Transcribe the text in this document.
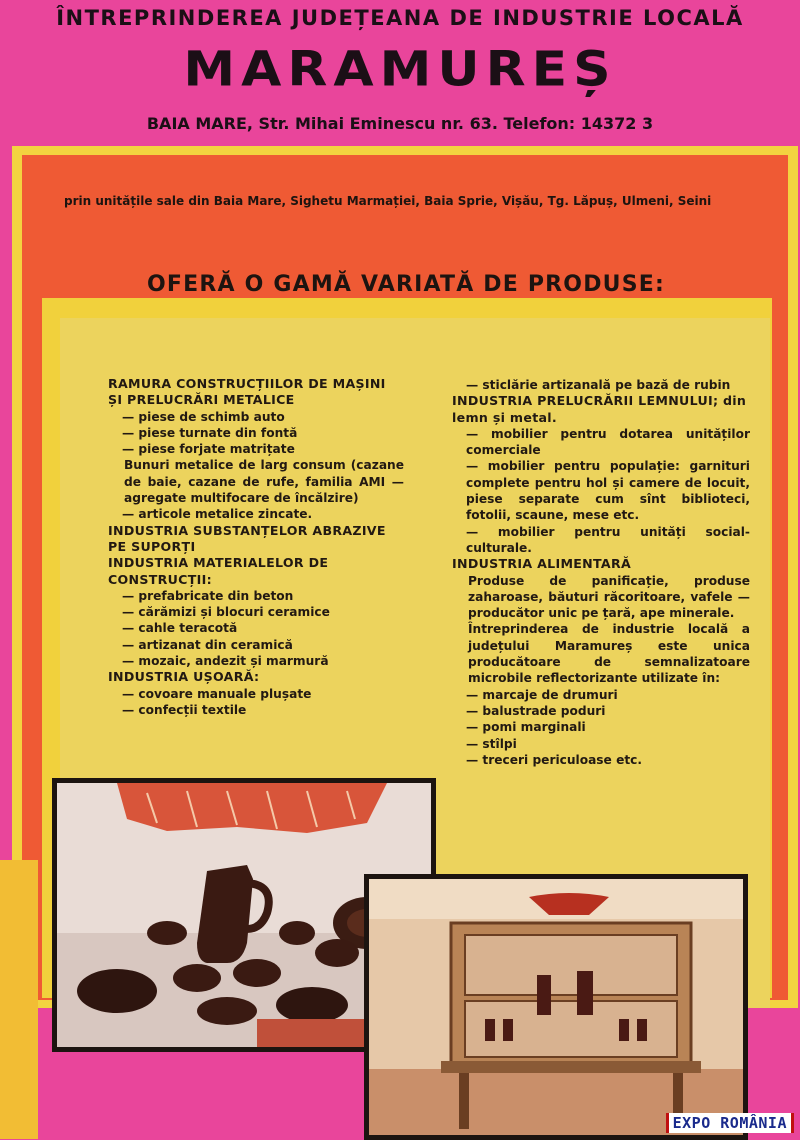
ÎNTREPRINDEREA JUDEȚEANA DE INDUSTRIE LOCALĂ
MARAMUREȘ
BAIA MARE, Str. Mihai Eminescu nr. 63. Telefon: 14372 3
prin unitățile sale din Baia Mare, Sighetu Marmației, Baia Sprie, Vișău, Tg. Lăpuș, Ulmeni, Seini
OFERĂ O GAMĂ VARIATĂ DE PRODUSE:

RAMURA CONSTRUCȚIILOR DE MAȘINI ȘI PRELUCRĂRI METALICE

— piese de schimb auto

— piese turnate din fontă

— piese forjate matrițate

Bunuri metalice de larg consum (cazane de baie, cazane de rufe, familia AMI — agregate multifocare de încălzire)

— articole metalice zincate.

INDUSTRIA SUBSTANȚELOR ABRAZIVE PE SUPORȚI

INDUSTRIA MATERIALELOR DE CONSTRUCȚII:

— prefabricate din beton

— cărămizi și blocuri ceramice

— cahle teracotă

— artizanat din ceramică

— mozaic, andezit și marmură

INDUSTRIA UȘOARĂ:

— covoare manuale plușate

— confecții textile

— sticlărie artizanală pe bază de rubin

INDUSTRIA PRELUCRĂRII LEMNULUI; din lemn și metal.

— mobilier pentru dotarea unităților comerciale

— mobilier pentru populație: garnituri complete pentru hol și camere de locuit, piese separate cum sînt biblioteci, fotolii, scaune, mese etc.

— mobilier pentru unități social-culturale.

INDUSTRIA ALIMENTARĂ

Produse de panificație, produse zaharoase, băuturi răcoritoare, vafele — producător unic pe țară, ape minerale.

Întreprinderea de industrie locală a județului Maramureș este unica producătoare de semnalizatoare microbile reflectorizante utilizate în:

— marcaje de drumuri

— balustrade poduri

— pomi marginali

— stîlpi

— treceri periculoase etc.

EXPO ROMÂNIA
